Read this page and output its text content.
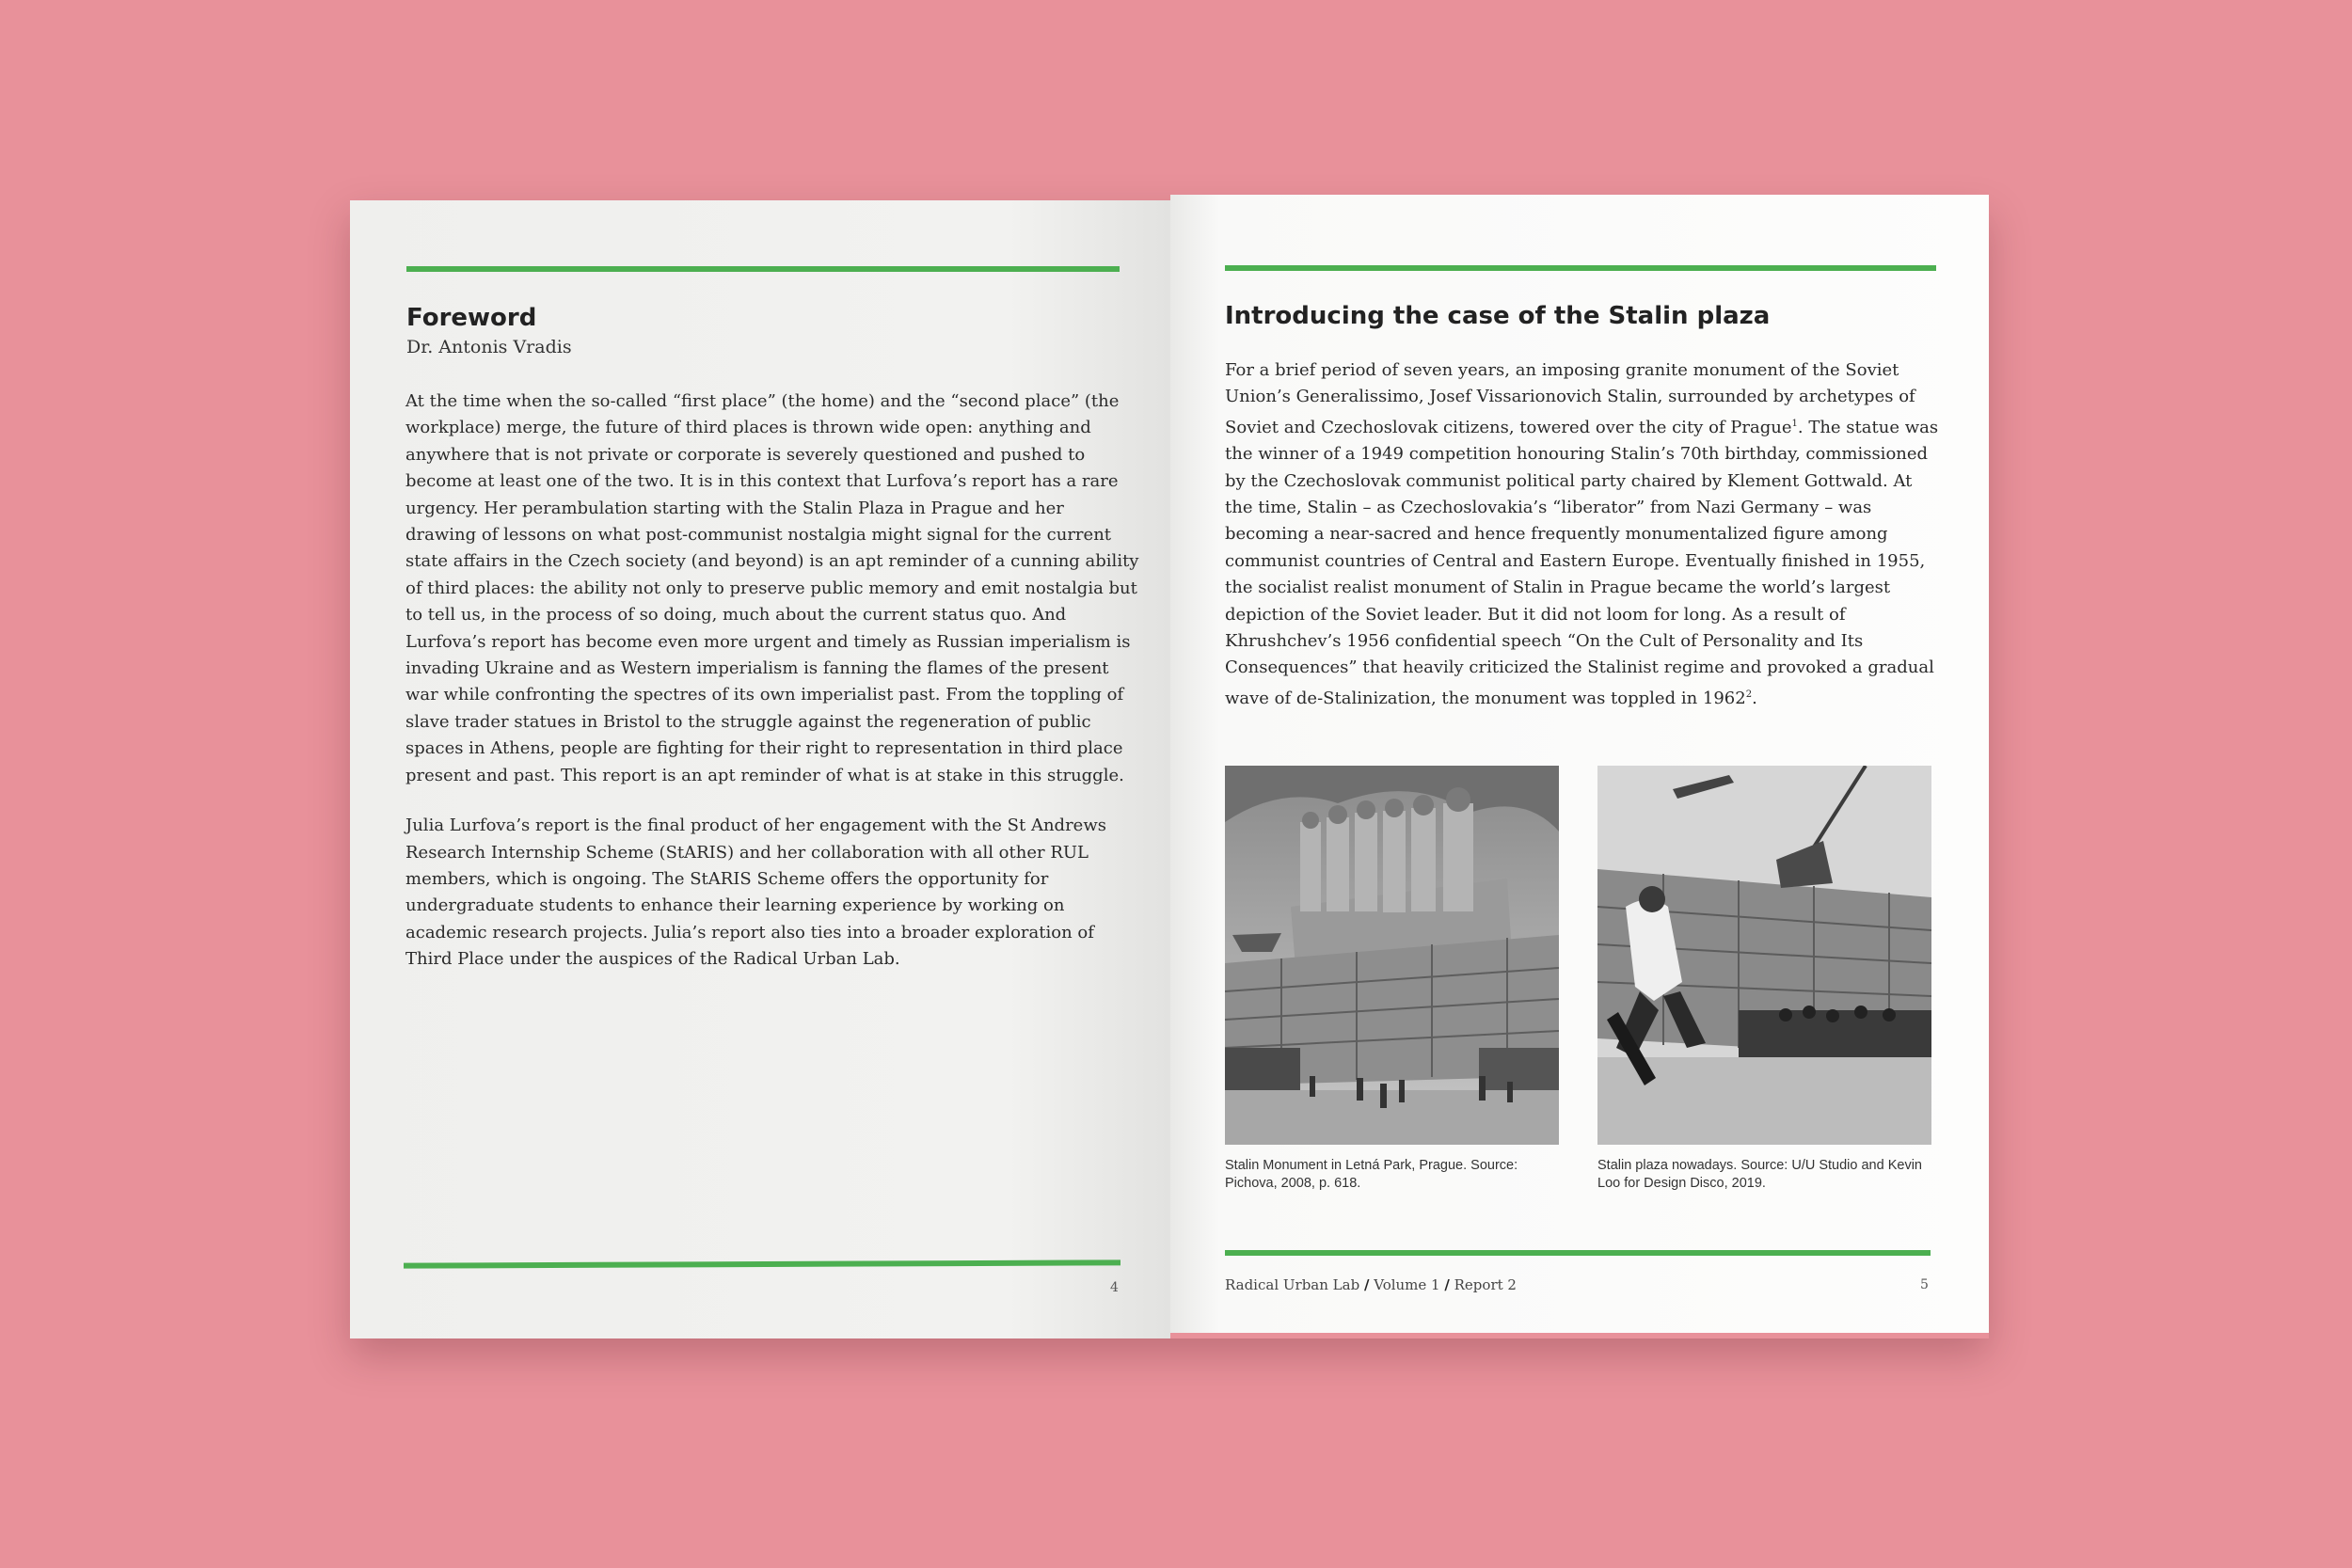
Foreword
Dr. Antonis Vradis

At the time when the so-called “first place” (the home) and the “second place” (the workplace) merge, the future of third places is thrown wide open: anything and anywhere that is not private or corporate is severely questioned and pushed to become at least one of the two. It is in this context that Lurfova’s report has a rare urgency. Her perambulation starting with the Stalin Plaza in Prague and her drawing of lessons on what post-communist nostalgia might signal for the current state affairs in the Czech society (and beyond) is an apt reminder of a cunning ability of third places: the ability not only to preserve public memory and emit nostalgia but to tell us, in the process of so doing, much about the current status quo. And Lurfova’s report has become even more urgent and timely as Russian imperialism is invading Ukraine and as Western imperialism is fanning the flames of the present war while confronting the spectres of its own imperialist past. From the toppling of slave trader statues in Bristol to the struggle against the regeneration of public spaces in Athens, people are fighting for their right to representation in third place present and past. This report is an apt reminder of what is at stake in this struggle.

Julia Lurfova’s report is the final product of her engagement with the St Andrews Research Internship Scheme (StARIS) and her collaboration with all other RUL members, which is ongoing. The StARIS Scheme offers the opportunity for undergraduate students to enhance their learning experience by working on academic research projects. Julia’s report also ties into a broader exploration of Third Place under the auspices of the Radical Urban Lab.

4
Introducing the case of the Stalin plaza
For a brief period of seven years, an imposing granite monument of the Soviet Union’s Generalissimo, Josef Vissarionovich Stalin, surrounded by archetypes of Soviet and Czechoslovak citizens, towered over the city of Prague$^1$. The statue was the winner of a 1949 competition honouring Stalin’s 70th birthday, commissioned by the Czechoslovak communist political party chaired by Klement Gottwald. At the time, Stalin – as Czechoslovakia’s “liberator” from Nazi Germany – was becoming a near-sacred and hence frequently monumentalized figure among communist countries of Central and Eastern Europe. Eventually finished in 1955, the socialist realist monument of Stalin in Prague became the world’s largest depiction of the Soviet leader. But it did not loom for long. As a result of Khrushchev’s 1956 confidential speech “On the Cult of Personality and Its Consequences” that heavily criticized the Stalinist regime and provoked a gradual wave of de-Stalinization, the monument was toppled in 1962$^2$.
Stalin Monument in Letná Park, Prague. Source: Pichova, 2008, p. 618.
Stalin plaza nowadays. Source: U/U Studio and Kevin Loo for Design Disco, 2019.
Radical Urban Lab / Volume 1 / Report 2	5
